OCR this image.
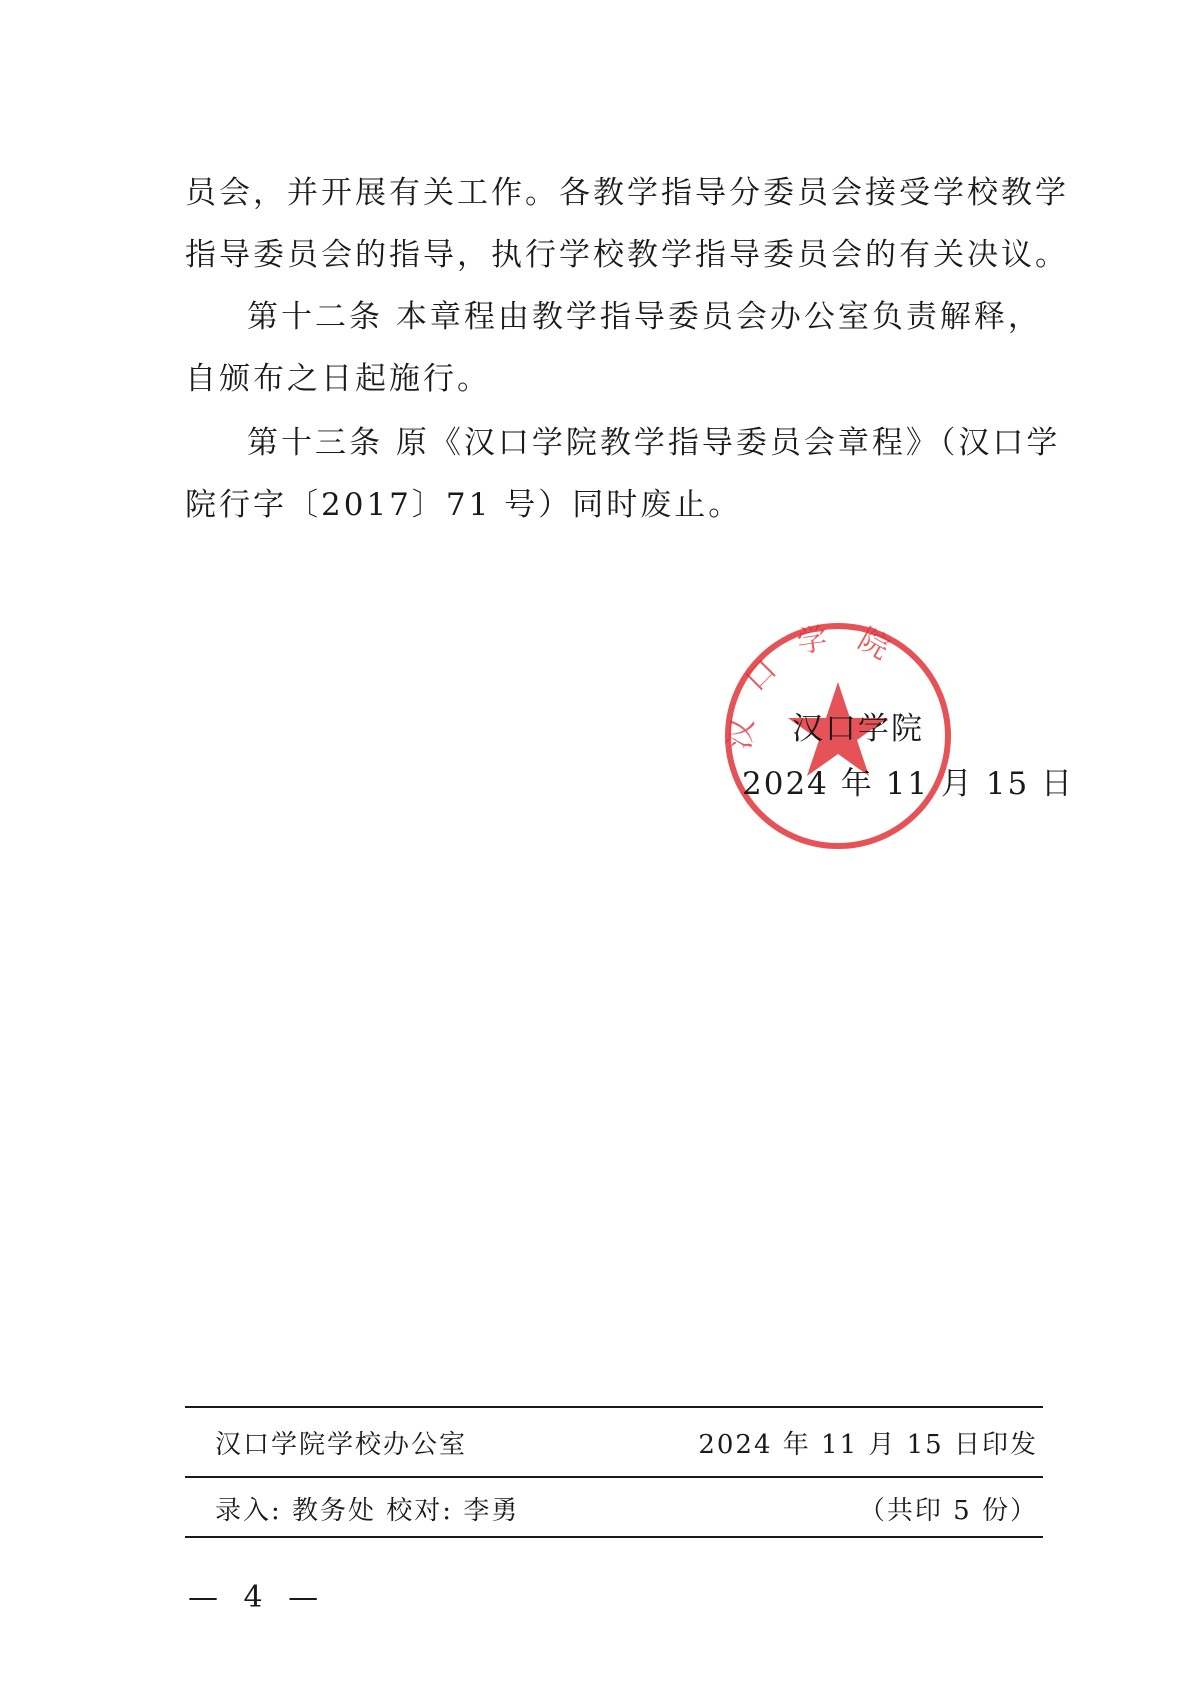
员会，并开展有关工作。各教学指导分委员会接受学校教学
指导委员会的指导，执行学校教学指导委员会的有关决议。

第十二条 本章程由教学指导委员会办公室负责解释，
自颁布之日起施行。

第十三条 原《汉口学院教学指导委员会章程》（汉口学
院行字〔2017〕71 号）同时废止。

汉口学院
汉口学院
2024 年 11 月 15 日
汉口学院学校办公室	2024 年 11 月 15 日印发
录入: 教务处 校对: 李勇	（共印 5 份）
— 4 —
